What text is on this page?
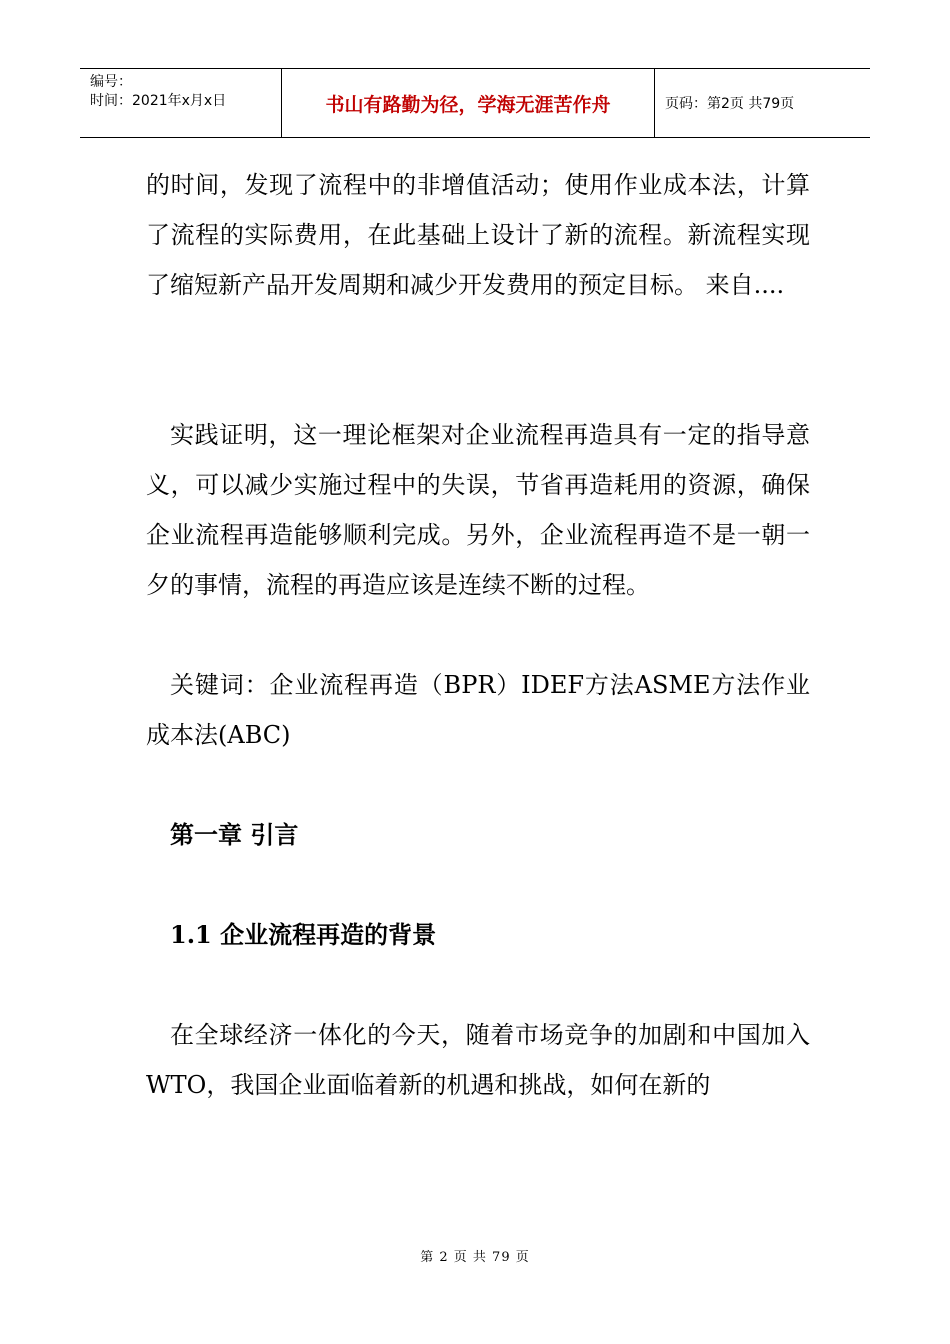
编号：
时间：2021年x月x日	书山有路勤为径，学海无涯苦作舟	页码：第2页 共79页

的时间，发现了流程中的非增值活动；使用作业成本法，计算了流程的实际费用，在此基础上设计了新的流程。新流程实现了缩短新产品开发周期和减少开发费用的预定目标。 来自....

实践证明，这一理论框架对企业流程再造具有一定的指导意义，可以减少实施过程中的失误，节省再造耗用的资源，确保企业流程再造能够顺利完成。另外，企业流程再造不是一朝一夕的事情，流程的再造应该是连续不断的过程。

关键词：企业流程再造（BPR）IDEF方法ASME方法作业成本法(ABC)

第一章 引言

1.1 企业流程再造的背景

在全球经济一体化的今天，随着市场竞争的加剧和中国加入WTO，我国企业面临着新的机遇和挑战，如何在新的

第 2 页 共 79 页
